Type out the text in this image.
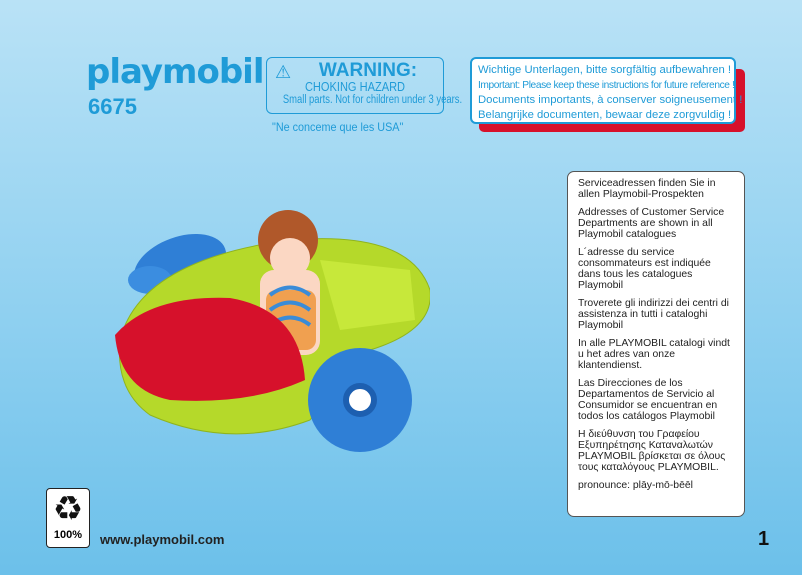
playmobil
6675
⚠	WARNING:
CHOKING HAZARD
Small parts. Not for children under 3 years.
"Ne conceme que les USA"
Wichtige Unterlagen, bitte sorgfältig aufbewahren !
Important: Please keep these instructions for future reference !
Documents importants, à conserver soigneusement !
Belangrijke documenten, bewaar deze zorgvuldig !

Serviceadressen finden Sie in allen Playmobil-Prospekten

Addresses of Customer Service Departments are shown in all Playmobil catalogues

L´adresse du service consommateurs est indiquée dans tous les catalogues Playmobil

Troverete gli indirizzi dei centri di assistenza in tutti i cataloghi Playmobil

In alle PLAYMOBIL catalogi vindt u het adres van onze klantendienst.

Las Direcciones de los Departamentos de Servicio al Consumidor se encuentran en todos los catálogos Playmobil

Η διεύθυνση του Γραφείου Εξυπηρέτησης Καταναλωτών PLAYMOBIL βρίσκεται σε όλους τους καταλόγους PLAYMOBIL.

pronounce: plāy-mō-bēēl

♻
100%	www.playmobil.com	1
